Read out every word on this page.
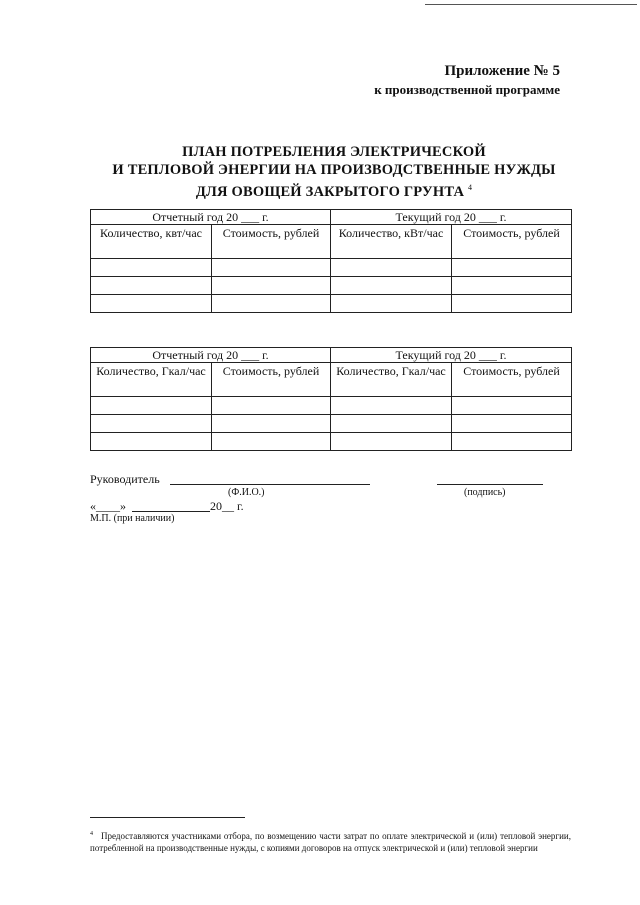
Приложение № 5
к производственной программе
ПЛАН ПОТРЕБЛЕНИЯ ЭЛЕКТРИЧЕСКОЙ
И ТЕПЛОВОЙ ЭНЕРГИИ НА ПРОИЗВОДСТВЕННЫЕ НУЖДЫ
ДЛЯ ОВОЩЕЙ ЗАКРЫТОГО ГРУНТА $^4$
Отчетный год 20 ___ г.		Текущий год 20 ___ г.	
Количество, квт/час	Стоимость, рублей	Количество, кВт/час	Стоимость, рублей

Отчетный год 20 ___ г.		Текущий год 20 ___ г.	
Количество, Гкал/час	Стоимость, рублей	Количество, Гкал/час	Стоимость, рублей

Руководитель
(Ф.И.О.)	(подпись)
«____»	20__ г.
М.П. (при наличии)
$^4$ Предоставляются участниками отбора, по возмещению части затрат по оплате электрической и (или) тепловой энергии, потребленной на производственные нужды, с копиями договоров на отпуск электрической и (или) тепловой энергии
